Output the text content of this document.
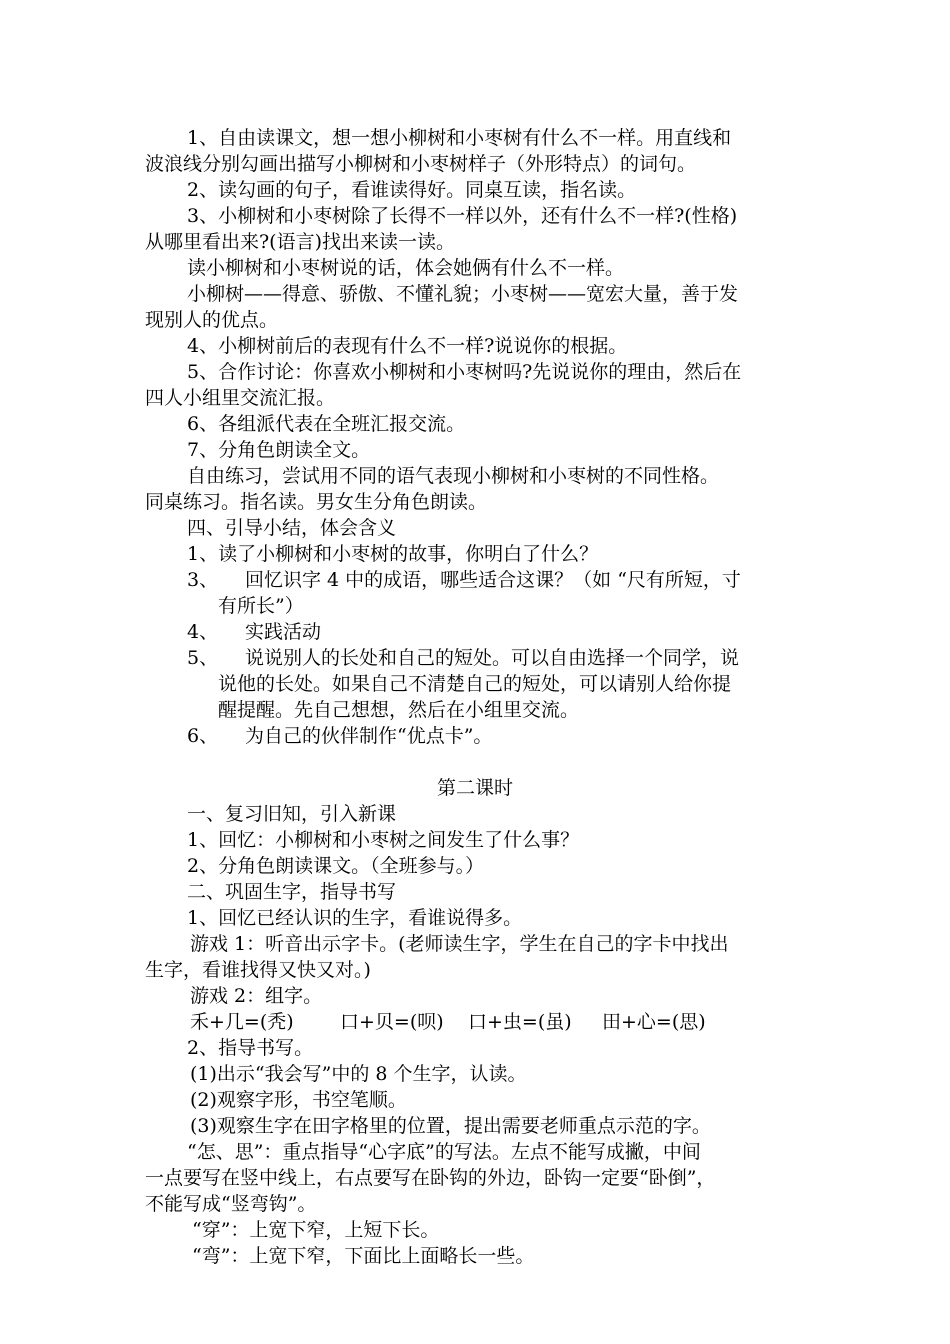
1、自由读课文，想一想小柳树和小枣树有什么不一样。用直线和
波浪线分别勾画出描写小柳树和小枣树样子（外形特点）的词句。
2、读勾画的句子，看谁读得好。同桌互读，指名读。
3、小柳树和小枣树除了长得不一样以外，还有什么不一样?(性格)
从哪里看出来?(语言)找出来读一读。
读小柳树和小枣树说的话，体会她俩有什么不一样。
小柳树——得意、骄傲、不懂礼貌；小枣树——宽宏大量，善于发
现别人的优点。
4、小柳树前后的表现有什么不一样?说说你的根据。
5、合作讨论：你喜欢小柳树和小枣树吗?先说说你的理由，然后在
四人小组里交流汇报。
6、各组派代表在全班汇报交流。
7、分角色朗读全文。
自由练习，尝试用不同的语气表现小柳树和小枣树的不同性格。
同桌练习。指名读。男女生分角色朗读。
四、引导小结，体会含义
1、读了小柳树和小枣树的故事，你明白了什么？
3、 回忆识字 4 中的成语，哪些适合这课？（如 “尺有所短，寸
有所长”）
4、 实践活动
5、 说说别人的长处和自己的短处。可以自由选择一个同学，说
说他的长处。如果自己不清楚自己的短处，可以请别人给你提
醒提醒。先自己想想，然后在小组里交流。
6、 为自己的伙伴制作“优点卡”。
第二课时
一、复习旧知，引入新课
1、回忆：小柳树和小枣树之间发生了什么事？
2、分角色朗读课文。（全班参与。）
二、巩固生字，指导书写
1、回忆已经认识的生字，看谁说得多。
游戏 1：听音出示字卡。(老师读生字，学生在自己的字卡中找出
生字，看谁找得又快又对。)
游戏 2：组字。
禾+几=(秃) 口+贝=(呗) 口+虫=(虽) 田+心=(思)
2、指导书写。
(1)出示“我会写”中的 8 个生字，认读。
(2)观察字形，书空笔顺。
(3)观察生字在田字格里的位置，提出需要老师重点示范的字。
“怎、思”：重点指导“心字底”的写法。左点不能写成撇，中间
一点要写在竖中线上，右点要写在卧钩的外边，卧钩一定要“卧倒”，
不能写成“竖弯钩”。
“穿”：上宽下窄，上短下长。
“弯”：上宽下窄，下面比上面略长一些。
